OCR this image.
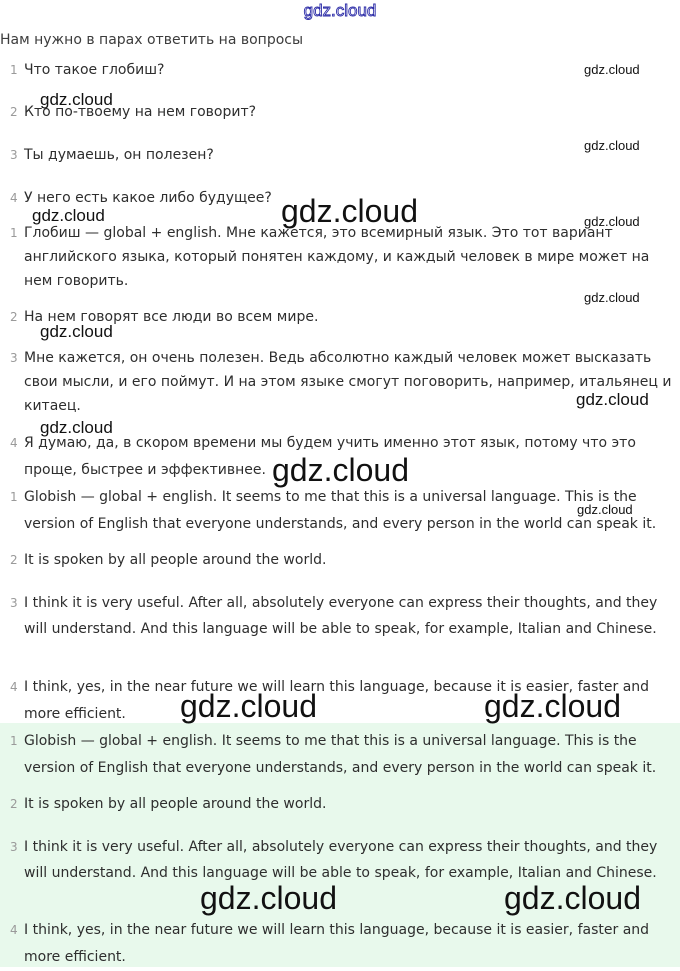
gdz.cloud
Нам нужно в парах ответить на вопросы
1 Что такое глобиш?
2 Кто по-твоему на нем говорит?
3 Ты думаешь, он полезен?
4 У него есть какое либо будущее?
1 Глобиш — global + english. Мне кажется, это всемирный язык. Это тот вариант английского языка, который понятен каждому, и каждый человек в мире может на нем говорить.
2 На нем говорят все люди во всем мире.
3 Мне кажется, он очень полезен. Ведь абсолютно каждый человек может высказать свои мысли, и его поймут. И на этом языке смогут поговорить, например, итальянец и китаец.
4 Я думаю, да, в скором времени мы будем учить именно этот язык, потому что это проще, быстрее и эффективнее.
1 Globish — global + english. It seems to me that this is a universal language. This is the version of English that everyone understands, and every person in the world can speak it.
2 It is spoken by all people around the world.
3 I think it is very useful. After all, absolutely everyone can express their thoughts, and they will understand. And this language will be able to speak, for example, Italian and Chinese.
4 I think, yes, in the near future we will learn this language, because it is easier, faster and more efficient.
1 Globish — global + english. It seems to me that this is a universal language. This is the version of English that everyone understands, and every person in the world can speak it.
2 It is spoken by all people around the world.
3 I think it is very useful. After all, absolutely everyone can express their thoughts, and they will understand. And this language will be able to speak, for example, Italian and Chinese.
4 I think, yes, in the near future we will learn this language, because it is easier, faster and more efficient.
gdz.cloud
gdz.cloud
gdz.cloud
gdz.cloud
gdz.cloud	gdz.cloud
gdz.cloud
gdz.cloud
gdz.cloud
gdz.cloud
gdz.cloud
gdz.cloud
gdz.cloud	gdz.cloud
gdz.cloud	gdz.cloud
